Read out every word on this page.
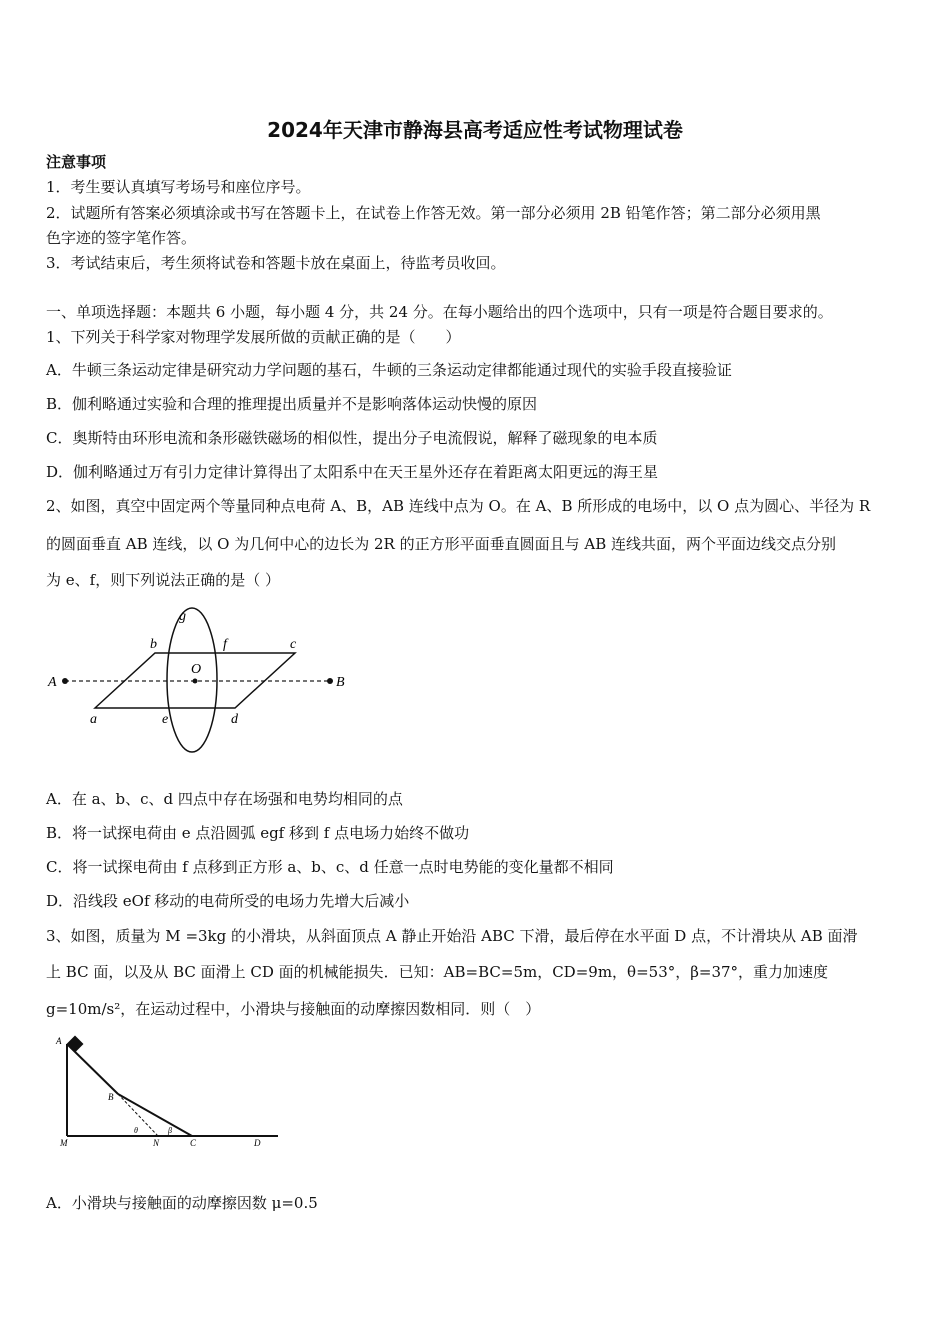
2024年天津市静海县高考适应性考试物理试卷
注意事项
1．考生要认真填写考场号和座位序号。
2．试题所有答案必须填涂或书写在答题卡上，在试卷上作答无效。第一部分必须用 2B 铅笔作答；第二部分必须用黑
色字迹的签字笔作答。
3．考试结束后，考生须将试卷和答题卡放在桌面上，待监考员收回。
一、单项选择题：本题共 6 小题，每小题 4 分，共 24 分。在每小题给出的四个选项中，只有一项是符合题目要求的。
1、下列关于科学家对物理学发展所做的贡献正确的是（　　）
A．牛顿三条运动定律是研究动力学问题的基石，牛顿的三条运动定律都能通过现代的实验手段直接验证
B．伽利略通过实验和合理的推理提出质量并不是影响落体运动快慢的原因
C．奥斯特由环形电流和条形磁铁磁场的相似性，提出分子电流假说，解释了磁现象的电本质
D．伽利略通过万有引力定律计算得出了太阳系中在天王星外还存在着距离太阳更远的海王星
2、如图，真空中固定两个等量同种点电荷 A、B，AB 连线中点为 O。在 A、B 所形成的电场中，以 O 点为圆心、半径为 R
的圆面垂直 AB 连线，以 O 为几何中心的边长为 2R 的正方形平面垂直圆面且与 AB 连线共面，两个平面边线交点分别
为 e、f，则下列说法正确的是（ ）
A	B
O
g
b	f	c
a	e	d
A．在 a、b、c、d 四点中存在场强和电势均相同的点
B．将一试探电荷由 e 点沿圆弧 egf 移到 f 点电场力始终不做功
C．将一试探电荷由 f 点移到正方形 a、b、c、d 任意一点时电势能的变化量都不相同
D．沿线段 eOf 移动的电荷所受的电场力先增大后减小
3、如图，质量为 M =3kg 的小滑块，从斜面顶点 A 静止开始沿 ABC 下滑，最后停在水平面 D 点，不计滑块从 AB 面滑
上 BC 面，以及从 BC 面滑上 CD 面的机械能损失．已知：AB=BC=5m，CD=9m，θ=53°，β=37°，重力加速度
g=10m/s²，在运动过程中，小滑块与接触面的动摩擦因数相同．则（　）
A
B
M	N	C	D
θ	β
A．小滑块与接触面的动摩擦因数 μ=0.5
